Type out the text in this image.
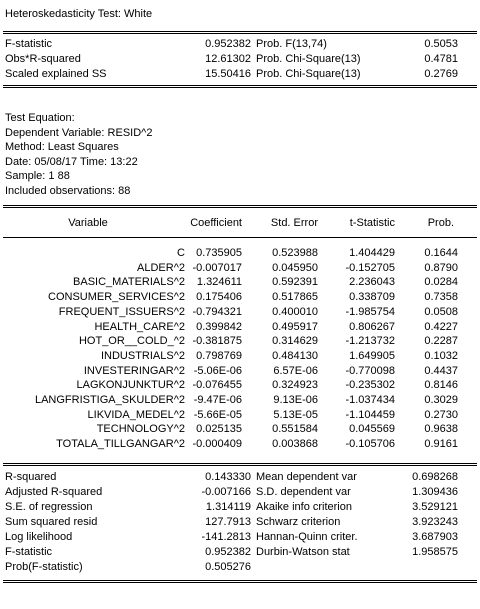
Heteroskedasticity Test: White
F-statistic	0.952382 Prob. F(13,74)	0.5053
Obs*R-squared	12.61302 Prob. Chi-Square(13)	0.4781
Scaled explained SS	15.50416 Prob. Chi-Square(13)	0.2769
Test Equation:
Dependent Variable: RESID^2
Method: Least Squares
Date: 05/08/17 Time: 13:22
Sample: 1 88
Included observations: 88
Variable	Coefficient	Std. Error	t-Statistic	Prob.
C	0.735905	0.523988	1.404429	0.1644
ALDER^2 -0.007017	0.045950	-0.152705	0.8790
BASIC_MATERIALS^2	1.324611	0.592391	2.236043	0.0284
CONSUMER_SERVICES^2	0.175406	0.517865	0.338709	0.7358
FREQUENT_ISSUERS^2 -0.794321	0.400010	-1.985754	0.0508
HEALTH_CARE^2	0.399842	0.495917	0.806267	0.4227
HOT_OR__COLD_^2 -0.381875	0.314629	-1.213732	0.2287
INDUSTRIALS^2	0.798769	0.484130	1.649905	0.1032
INVESTERINGAR^2 -5.06E-06	6.57E-06	-0.770098	0.4437
LAGKONJUNKTUR^2 -0.076455	0.324923	-0.235302	0.8146
LANGFRISTIGA_SKULDER^2 -9.47E-06	9.13E-06	-1.037434	0.3029
LIKVIDA_MEDEL^2 -5.66E-05	5.13E-05	-1.104459	0.2730
TECHNOLOGY^2	0.025135	0.551584	0.045569	0.9638
TOTALA_TILLGANGAR^2 -0.000409	0.003868	-0.105706	0.9161
R-squared	0.143330 Mean dependent var	0.698268
Adjusted R-squared	-0.007166 S.D. dependent var	1.309436
S.E. of regression	1.314119 Akaike info criterion	3.529121
Sum squared resid	127.7913 Schwarz criterion	3.923243
Log likelihood	-141.2813 Hannan-Quinn criter.	3.687903
F-statistic	0.952382 Durbin-Watson stat	1.958575
Prob(F-statistic)	0.505276
